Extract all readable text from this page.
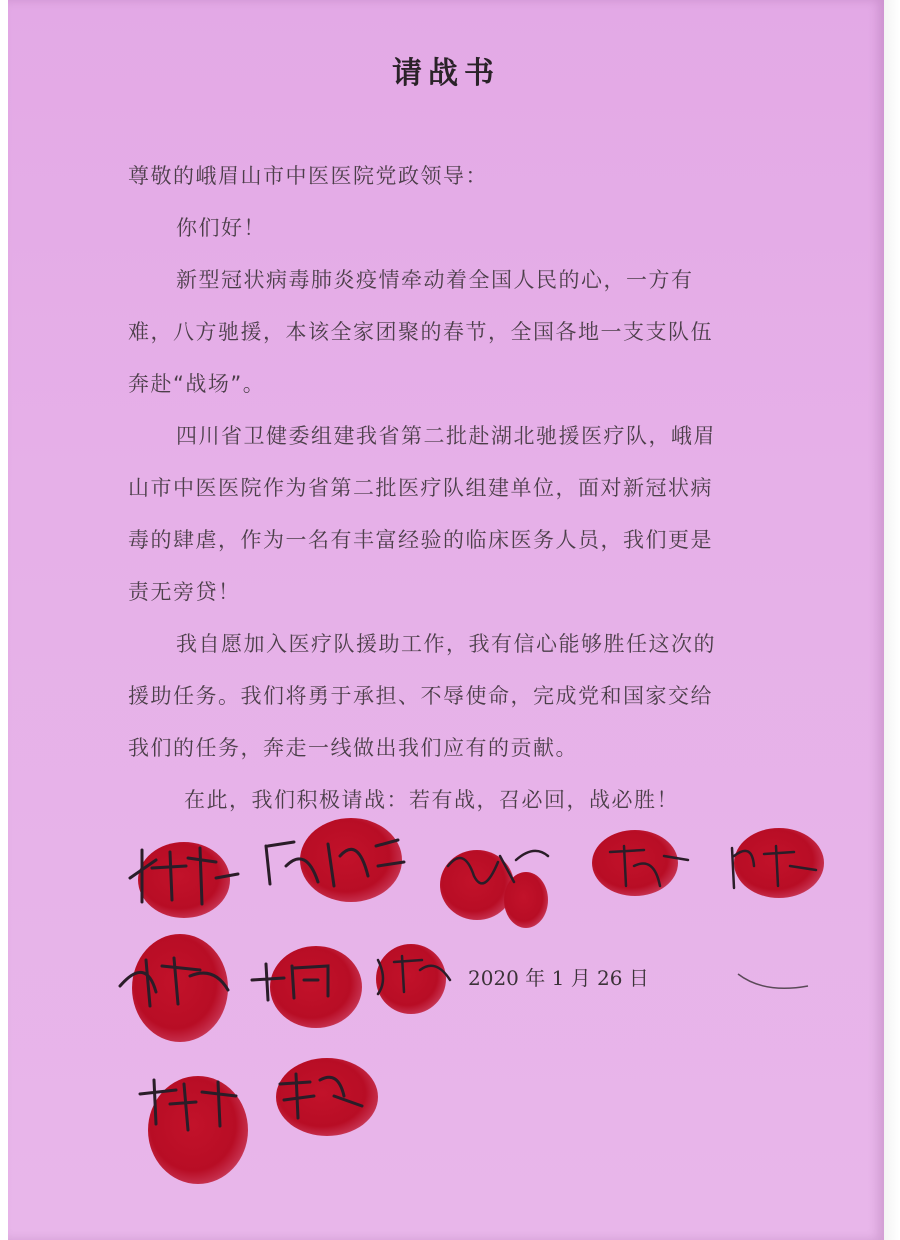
请战书
尊敬的峨眉山市中医医院党政领导：
你们好！
新型冠状病毒肺炎疫情牵动着全国人民的心，一方有
难，八方驰援，本该全家团聚的春节，全国各地一支支队伍
奔赴“战场”。
四川省卫健委组建我省第二批赴湖北驰援医疗队，峨眉
山市中医医院作为省第二批医疗队组建单位，面对新冠状病
毒的肆虐，作为一名有丰富经验的临床医务人员，我们更是
责无旁贷！
我自愿加入医疗队援助工作，我有信心能够胜任这次的
援助任务。我们将勇于承担、不辱使命，完成党和国家交给
我们的任务，奔走一线做出我们应有的贡献。
在此，我们积极请战：若有战，召必回，战必胜！
2020 年 1 月 26 日
